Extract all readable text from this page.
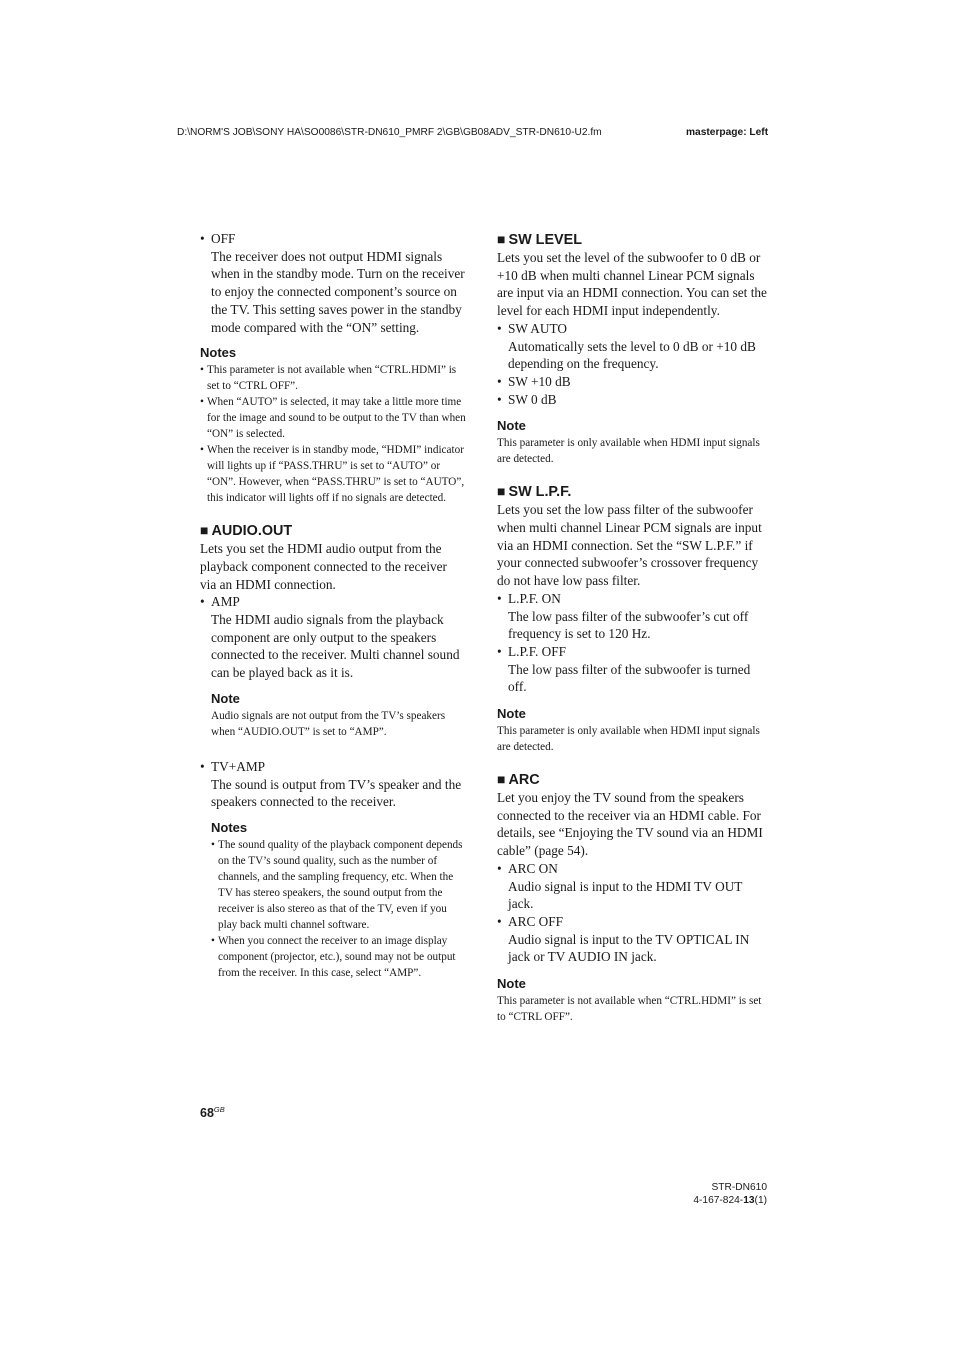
D:\NORM'S JOB\SONY HA\SO0086\STR-DN610_PMRF 2\GB\GB08ADV_STR-DN610-U2.fm	masterpage: Left

• OFF

The receiver does not output HDMI signals when in the standby mode. Turn on the receiver to enjoy the connected component’s source on the TV. This setting saves power in the standby mode compared with the “ON” setting.

Notes

• This parameter is not available when “CTRL.HDMI” is set to “CTRL OFF”.

• When “AUTO” is selected, it may take a little more time for the image and sound to be output to the TV than when “ON” is selected.

• When the receiver is in standby mode, “HDMI” indicator will lights up if “PASS.THRU” is set to “AUTO” or “ON”. However, when “PASS.THRU” is set to “AUTO”, this indicator will lights off if no signals are detected.

■ AUDIO.OUT

Lets you set the HDMI audio output from the playback component connected to the receiver via an HDMI connection.

• AMP

The HDMI audio signals from the playback component are only output to the speakers connected to the receiver. Multi channel sound can be played back as it is.

Note

Audio signals are not output from the TV’s speakers when “AUDIO.OUT” is set to “AMP”.

• TV+AMP

The sound is output from TV’s speaker and the speakers connected to the receiver.

Notes

• The sound quality of the playback component depends on the TV’s sound quality, such as the number of channels, and the sampling frequency, etc. When the TV has stereo speakers, the sound output from the receiver is also stereo as that of the TV, even if you play back multi channel software.

• When you connect the receiver to an image display component (projector, etc.), sound may not be output from the receiver. In this case, select “AMP”.

■ SW LEVEL

Lets you set the level of the subwoofer to 0 dB or +10 dB when multi channel Linear PCM signals are input via an HDMI connection. You can set the level for each HDMI input independently.

• SW AUTO

Automatically sets the level to 0 dB or +10 dB depending on the frequency.

• SW +10 dB

• SW 0 dB

Note

This parameter is only available when HDMI input signals are detected.

■ SW L.P.F.

Lets you set the low pass filter of the subwoofer when multi channel Linear PCM signals are input via an HDMI connection. Set the “SW L.P.F.” if your connected subwoofer’s crossover frequency do not have low pass filter.

• L.P.F. ON

The low pass filter of the subwoofer’s cut off frequency is set to 120 Hz.

• L.P.F. OFF

The low pass filter of the subwoofer is turned off.

Note

This parameter is only available when HDMI input signals are detected.

■ ARC

Let you enjoy the TV sound from the speakers connected to the receiver via an HDMI cable. For details, see “Enjoying the TV sound via an HDMI cable” (page 54).

• ARC ON

Audio signal is input to the HDMI TV OUT jack.

• ARC OFF

Audio signal is input to the TV OPTICAL IN jack or TV AUDIO IN jack.

Note

This parameter is not available when “CTRL.HDMI” is set to “CTRL OFF”.

$68^{GB}$
STR-DN610
4-167-824-13(1)
